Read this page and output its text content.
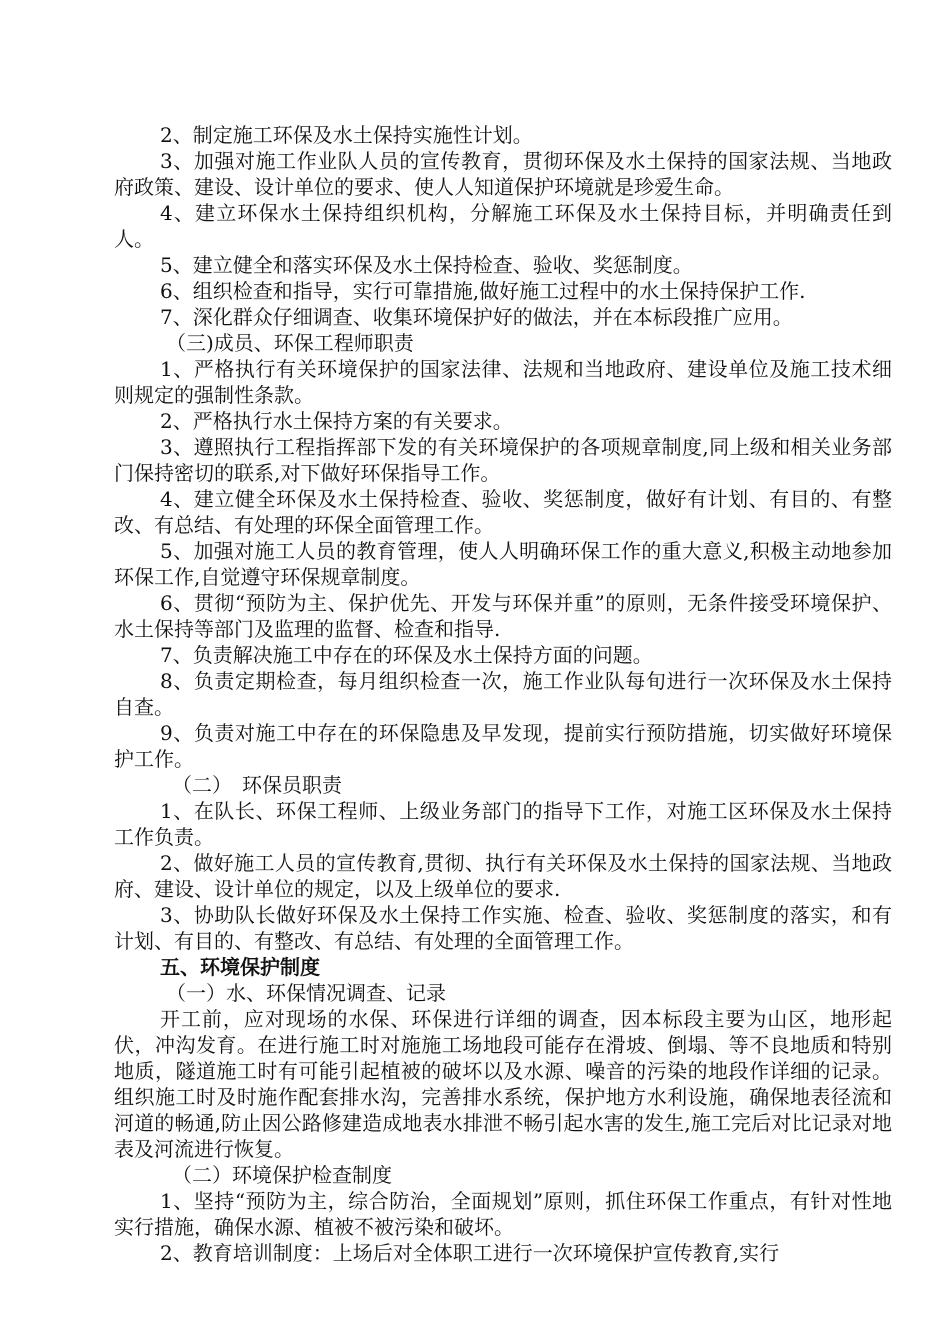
2、制定施工环保及水土保持实施性计划。

3、加强对施工作业队人员的宣传教育，贯彻环保及水土保持的国家法规、当地政府政策、建设、设计单位的要求、使人人知道保护环境就是珍爱生命。

4、建立环保水土保持组织机构，分解施工环保及水土保持目标，并明确责任到人。

5、建立健全和落实环保及水土保持检查、验收、奖惩制度。

6、组织检查和指导，实行可靠措施,做好施工过程中的水土保持保护工作.

7、深化群众仔细调查、收集环境保护好的做法，并在本标段推广应用。

（三)成员、环保工程师职责

1、严格执行有关环境保护的国家法律、法规和当地政府、建设单位及施工技术细则规定的强制性条款。

2、严格执行水土保持方案的有关要求。

3、遵照执行工程指挥部下发的有关环境保护的各项规章制度,同上级和相关业务部门保持密切的联系,对下做好环保指导工作。

4、建立健全环保及水土保持检查、验收、奖惩制度，做好有计划、有目的、有整改、有总结、有处理的环保全面管理工作。

5、加强对施工人员的教育管理，使人人明确环保工作的重大意义,积极主动地参加环保工作,自觉遵守环保规章制度。

6、贯彻“预防为主、保护优先、开发与环保并重”的原则，无条件接受环境保护、水土保持等部门及监理的监督、检查和指导.

7、负责解决施工中存在的环保及水土保持方面的问题。

8、负责定期检查，每月组织检查一次，施工作业队每旬进行一次环保及水土保持自查。

9、负责对施工中存在的环保隐患及早发现，提前实行预防措施，切实做好环境保护工作。

（二）　环保员职责

1、在队长、环保工程师、上级业务部门的指导下工作，对施工区环保及水土保持工作负责。

2、做好施工人员的宣传教育,贯彻、执行有关环保及水土保持的国家法规、当地政府、建设、设计单位的规定，以及上级单位的要求.

3、协助队长做好环保及水土保持工作实施、检查、验收、奖惩制度的落实，和有计划、有目的、有整改、有总结、有处理的全面管理工作。

五、环境保护制度

（一）水、环保情况调查、记录

开工前，应对现场的水保、环保进行详细的调查，因本标段主要为山区，地形起伏，冲沟发育。在进行施工时对施施工场地段可能存在滑坡、倒塌、等不良地质和特别地质，隧道施工时有可能引起植被的破坏以及水源、噪音的污染的地段作详细的记录。组织施工时及时施作配套排水沟，完善排水系统，保护地方水利设施，确保地表径流和河道的畅通,防止因公路修建造成地表水排泄不畅引起水害的发生,施工完后对比记录对地表及河流进行恢复。

（二）环境保护检查制度

1、坚持“预防为主，综合防治，全面规划”原则，抓住环保工作重点，有针对性地实行措施，确保水源、植被不被污染和破坏。

2、教育培训制度：上场后对全体职工进行一次环境保护宣传教育,实行
